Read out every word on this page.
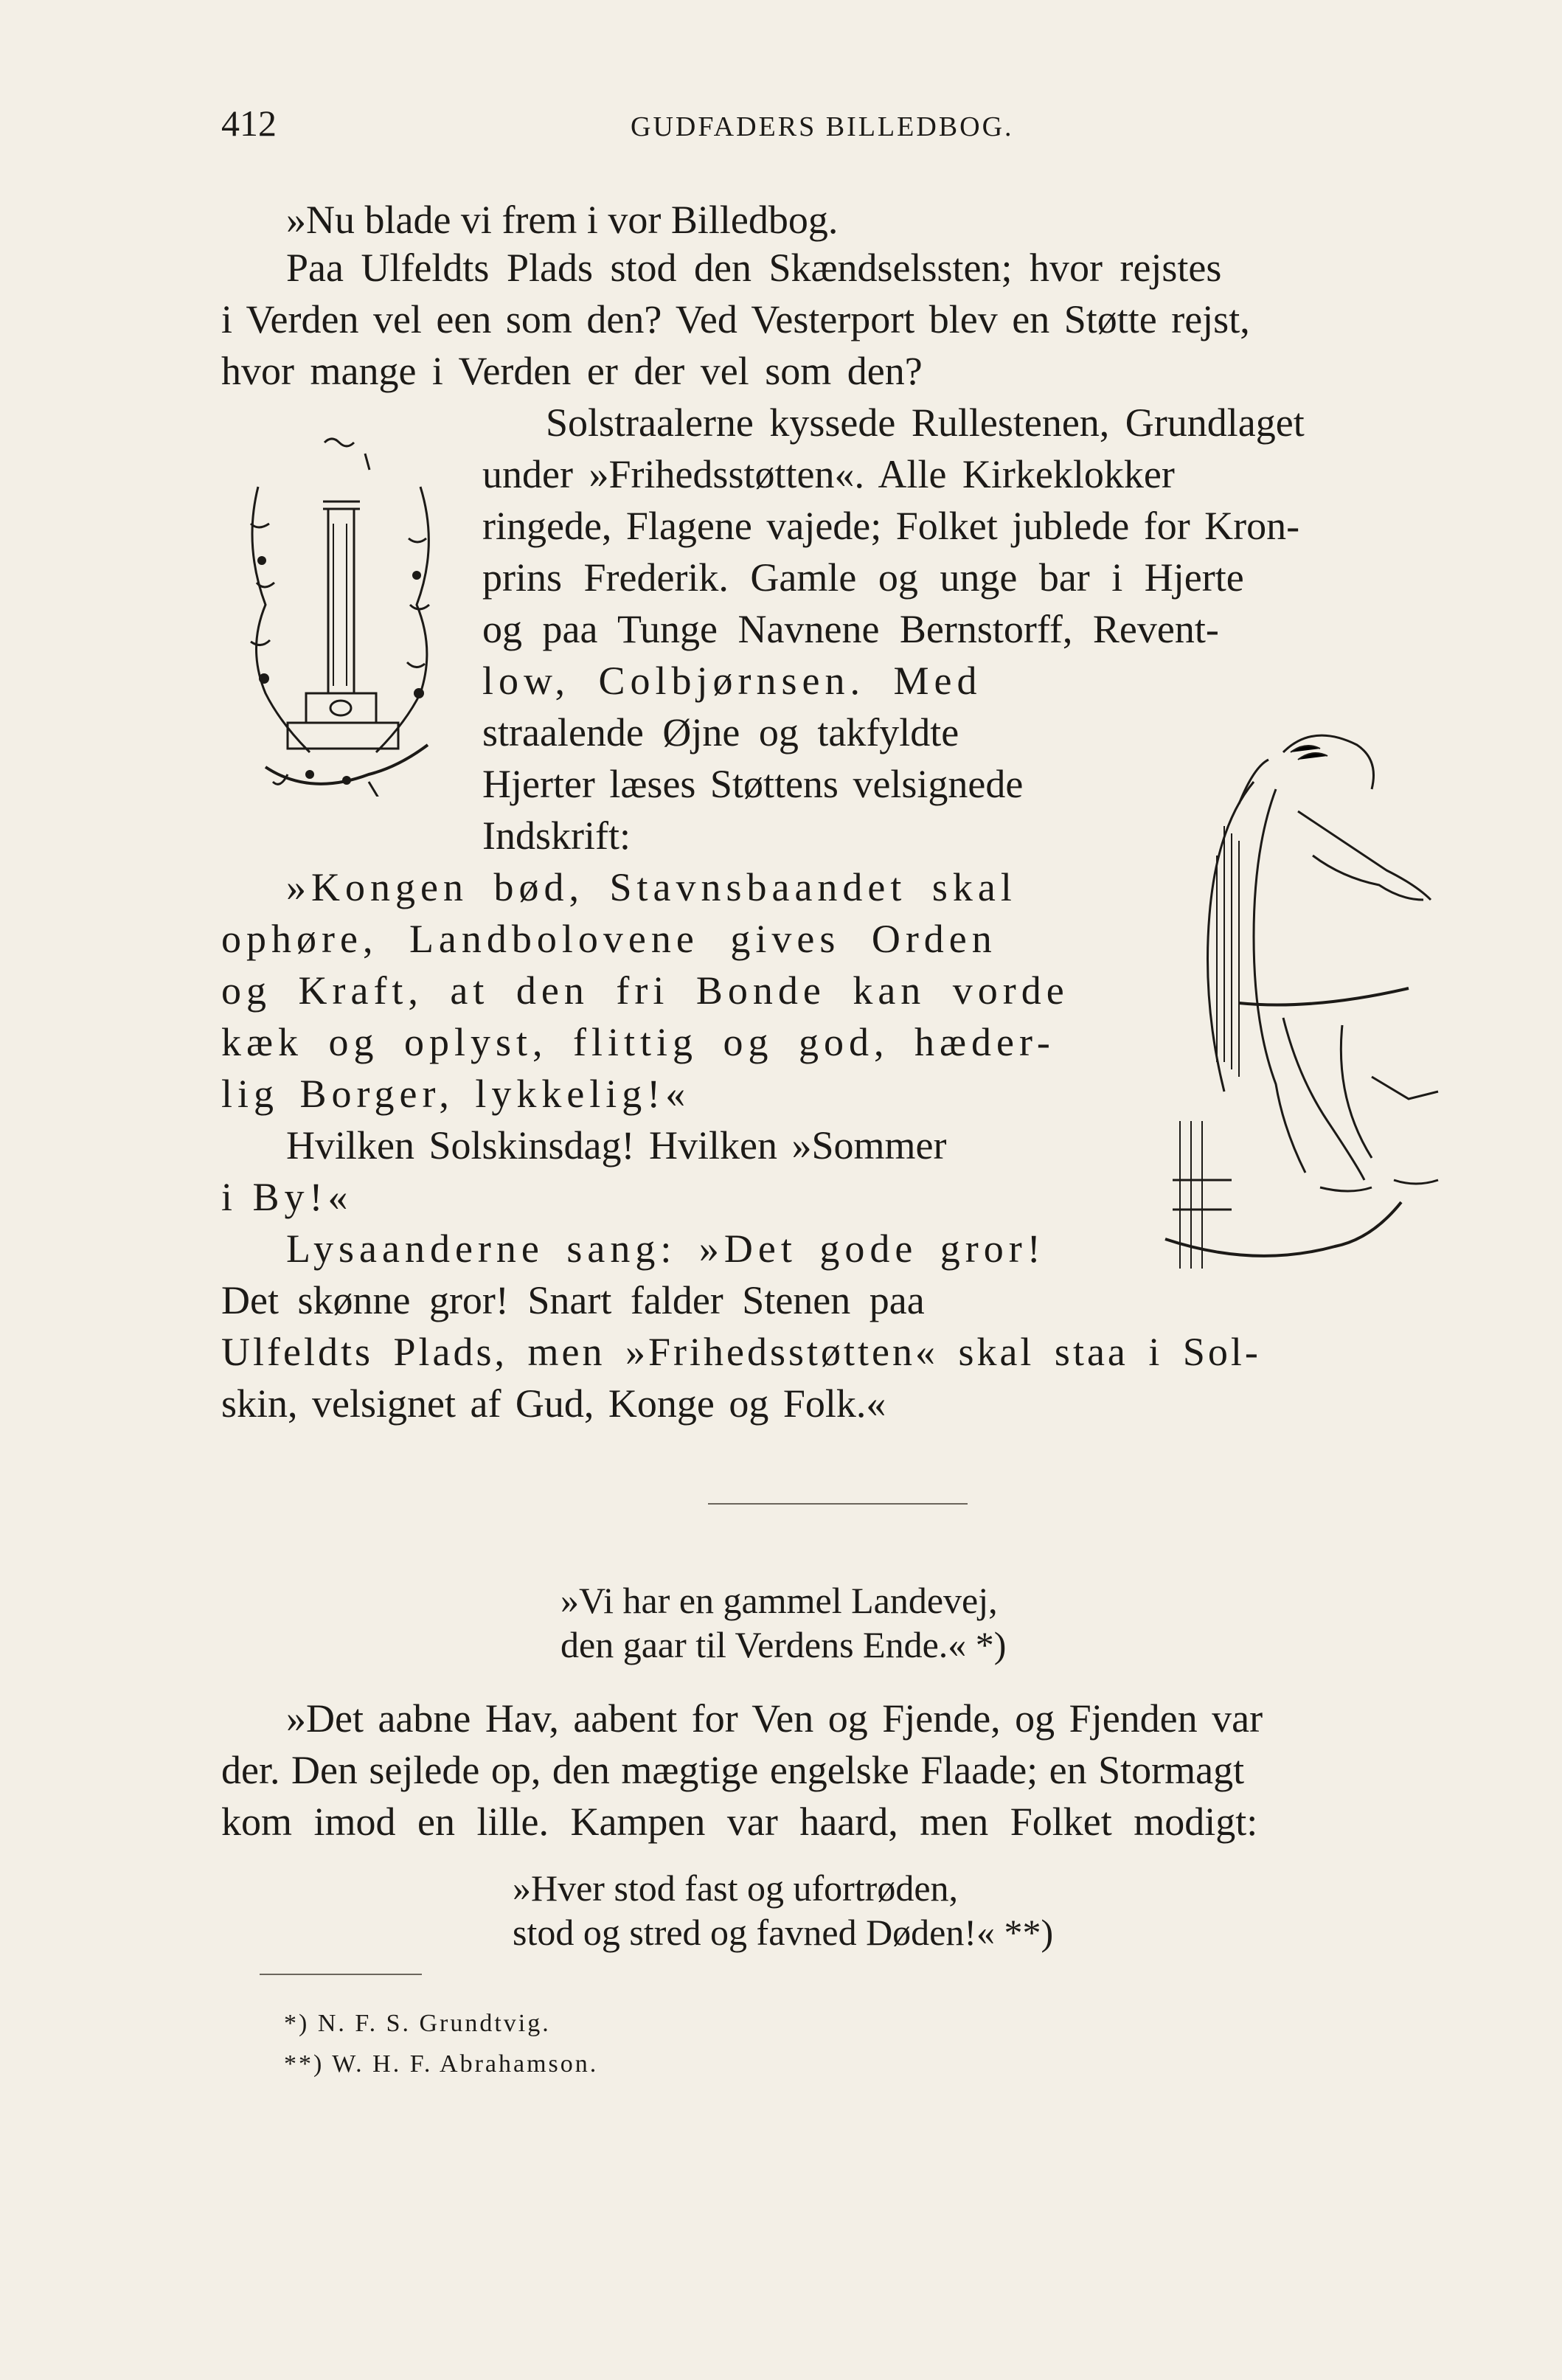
412	GUDFADERS BILLEDBOG.
»Nu blade vi frem i vor Billedbog.
Paa Ulfeldts Plads stod den Skændselssten; hvor rejstes
i Verden vel een som den? Ved Vesterport blev en Støtte rejst,
hvor mange i Verden er der vel som den?
Solstraalerne kyssede Rullestenen, Grundlaget
under »Frihedsstøtten«. Alle Kirkeklokker
ringede, Flagene vajede; Folket jublede for Kron-
prins Frederik. Gamle og unge bar i Hjerte
og paa Tunge Navnene Bernstorff, Revent-
low, Colbjørnsen. Med
straalende Øjne og takfyldte
Hjerter læses Støttens velsignede
Indskrift:
»Kongen bød, Stavnsbaandet skal
ophøre, Landbolovene gives Orden
og Kraft, at den fri Bonde kan vorde
kæk og oplyst, flittig og god, hæder-
lig Borger, lykkelig!«
Hvilken Solskinsdag! Hvilken »Sommer
i By!«
Lysaanderne sang: »Det gode gror!
Det skønne gror! Snart falder Stenen paa
Ulfeldts Plads, men »Frihedsstøtten« skal staa i Sol-
skin, velsignet af Gud, Konge og Folk.«
»Vi har en gammel Landevej,
den gaar til Verdens Ende.« *)
»Det aabne Hav, aabent for Ven og Fjende, og Fjenden var
der. Den sejlede op, den mægtige engelske Flaade; en Stormagt
kom imod en lille. Kampen var haard, men Folket modigt:
»Hver stod fast og ufortrøden,
stod og stred og favned Døden!« **)
*) N. F. S. Grundtvig.
**) W. H. F. Abrahamson.
